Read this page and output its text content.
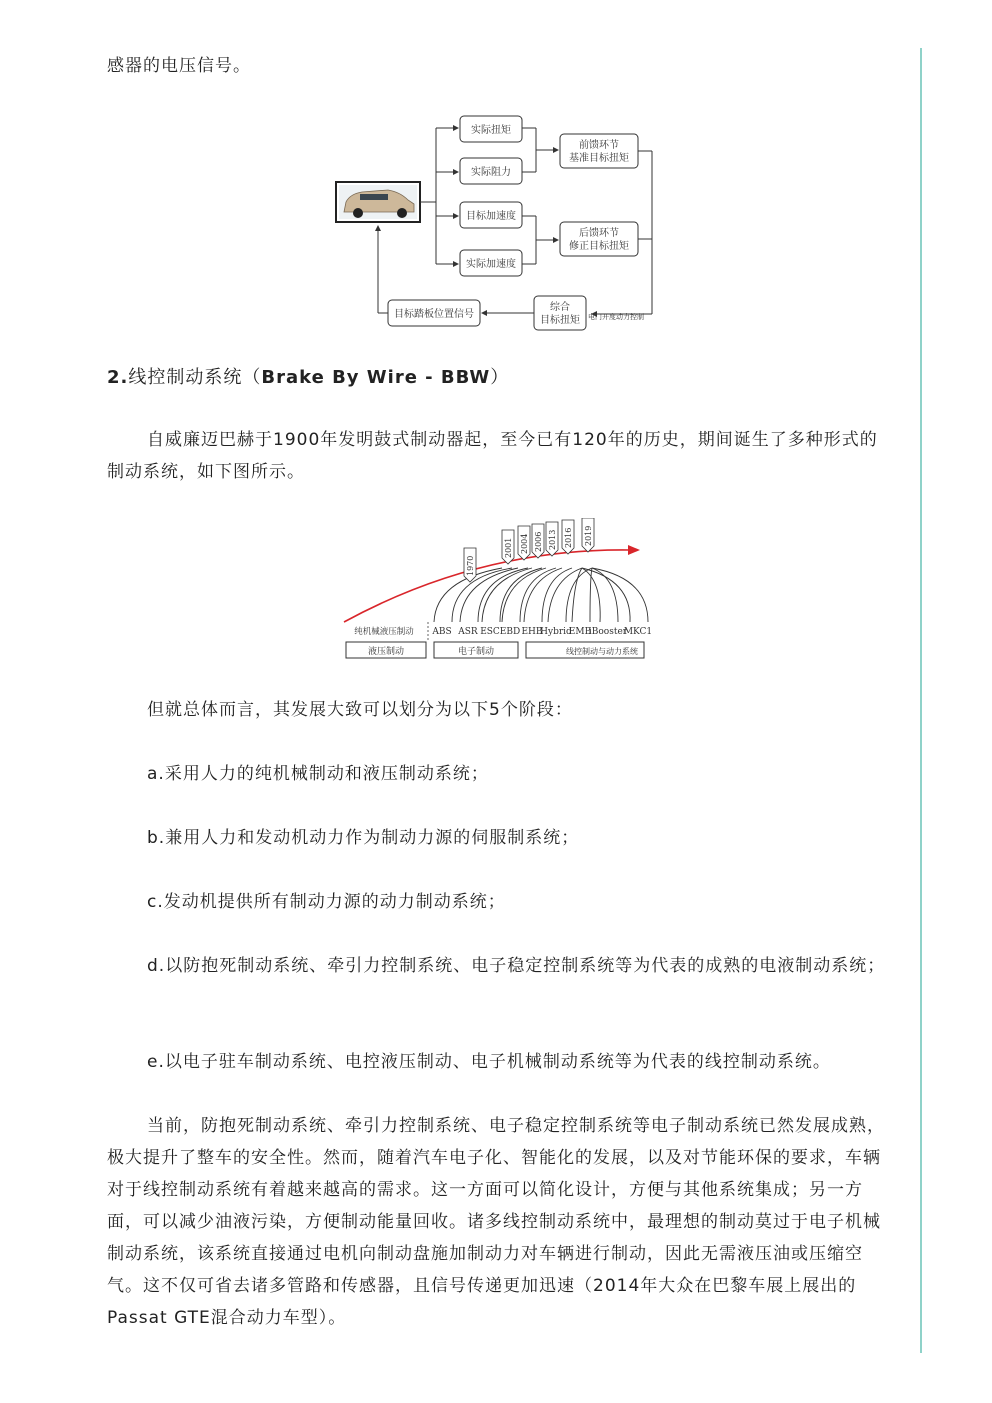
感器的电压信号。

实际扭矩
实际阻力
目标加速度
实际加速度
前馈环节
基准目标扭矩
后馈环节
修正目标扭矩
电门开度动力控制
综合
目标扭矩
目标踏板位置信号
2.线控制动系统（Brake By Wire - BBW）

自威廉迈巴赫于1900年发明鼓式制动器起，至今已有120年的历史，期间诞生了多种形式的制动系统，如下图所示。

1970
2001 2004 2006 2013 2016 2019
纯机械液压制动 ABS ASR ESC EBD EHB
Hybrid
EMB
iBooster
MKC1
液压制动	电子制动	线控制动与动力系统

但就总体而言，其发展大致可以划分为以下5个阶段：

a.采用人力的纯机械制动和液压制动系统；

b.兼用人力和发动机动力作为制动力源的伺服制系统；

c.发动机提供所有制动力源的动力制动系统；

d.以防抱死制动系统、牵引力控制系统、电子稳定控制系统等为代表的成熟的电液制动系统；

e.以电子驻车制动系统、电控液压制动、电子机械制动系统等为代表的线控制动系统。

当前，防抱死制动系统、牵引力控制系统、电子稳定控制系统等电子制动系统已然发展成熟，极大提升了整车的安全性。然而，随着汽车电子化、智能化的发展，以及对节能环保的要求，车辆对于线控制动系统有着越来越高的需求。这一方面可以简化设计，方便与其他系统集成；另一方面，可以减少油液污染，方便制动能量回收。诸多线控制动系统中，最理想的制动莫过于电子机械制动系统，该系统直接通过电机向制动盘施加制动力对车辆进行制动，因此无需液压油或压缩空气。这不仅可省去诸多管路和传感器，且信号传递更加迅速（2014年大众在巴黎车展上展出的Passat GTE混合动力车型）。
